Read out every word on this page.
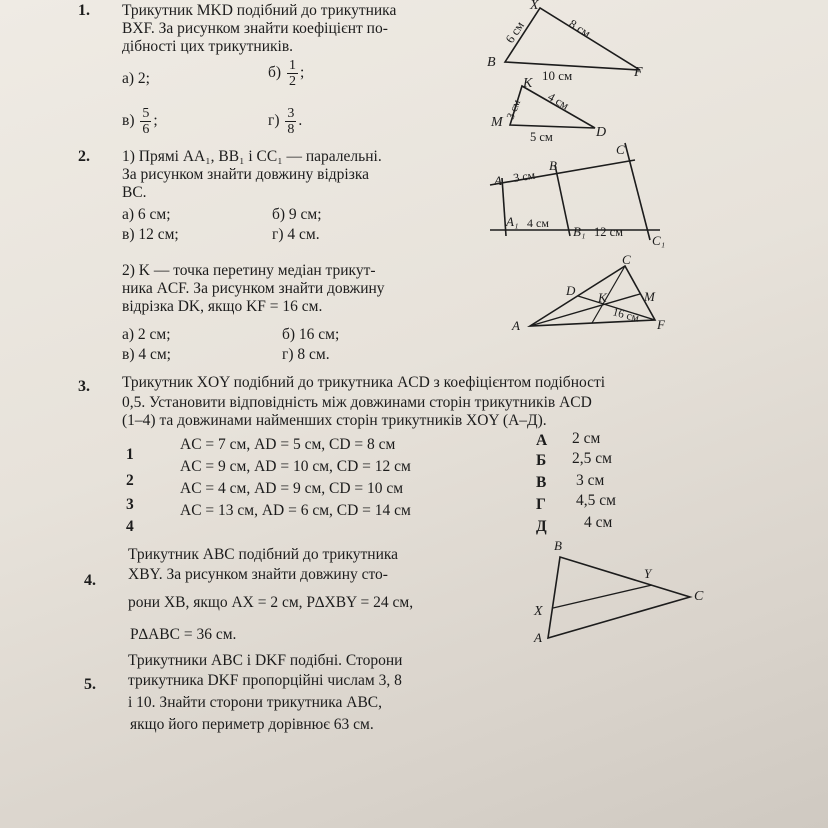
1. Трикутник MKD подібний до трикутника
BXF. За рисунком знайти коефіцієнт по-
дібності цих трикутників.
а) 2;	$б) \frac{1}{2}$ ;
$в) \frac{5}{6}$ ;	$г) \frac{3}{8}$ .
B
X
F
6 см	8 см
10 см
M
K
D
3 см 4 см
5 см
2. 1) Прямі AA₁, BB₁ і CC₁ — паралельні.
За рисунком знайти довжину відрізка
BC.
а) 6 см;	б) 9 см;
в) 12 см;	г) 4 см.
2) K — точка перетину медіан трикут-
ника ACF. За рисунком знайти довжину
відрізка DK, якщо KF = 16 см.
а) 2 см;	б) 16 см;
в) 4 см;	г) 8 см.
A 3 см
B
C
A₁ 4 см
B₁ 12 см
C₁
A
C
F
D K	M
16 см
3. Трикутник XOY подібний до трикутника ACD з коефіцієнтом подібності
0,5. Установити відповідність між довжинами сторін трикутників ACD
(1–4) та довжинами найменших сторін трикутників XOY (А–Д).
1
AC = 7 см, AD = 5 см, CD = 8 см
2
AC = 9 см, AD = 10 см, CD = 12 см
3
AC = 4 см, AD = 9 см, CD = 10 см
4
AC = 13 см, AD = 6 см, CD = 14 см
А 2 см
Б 2,5 см
В 3 см
Г 4,5 см
Д 4 см
4.
Трикутник ABC подібний до трикутника
XBY. За рисунком знайти довжину сто-
рони XB, якщо AX = 2 см, P∆XBY = 24 см,
P∆ABC = 36 см.	A
B
C
X
Y
5.
Трикутники ABC і DKF подібні. Сторони
трикутника DKF пропорційні числам 3, 8
і 10. Знайти сторони трикутника ABC,
якщо його периметр дорівнює 63 см.
